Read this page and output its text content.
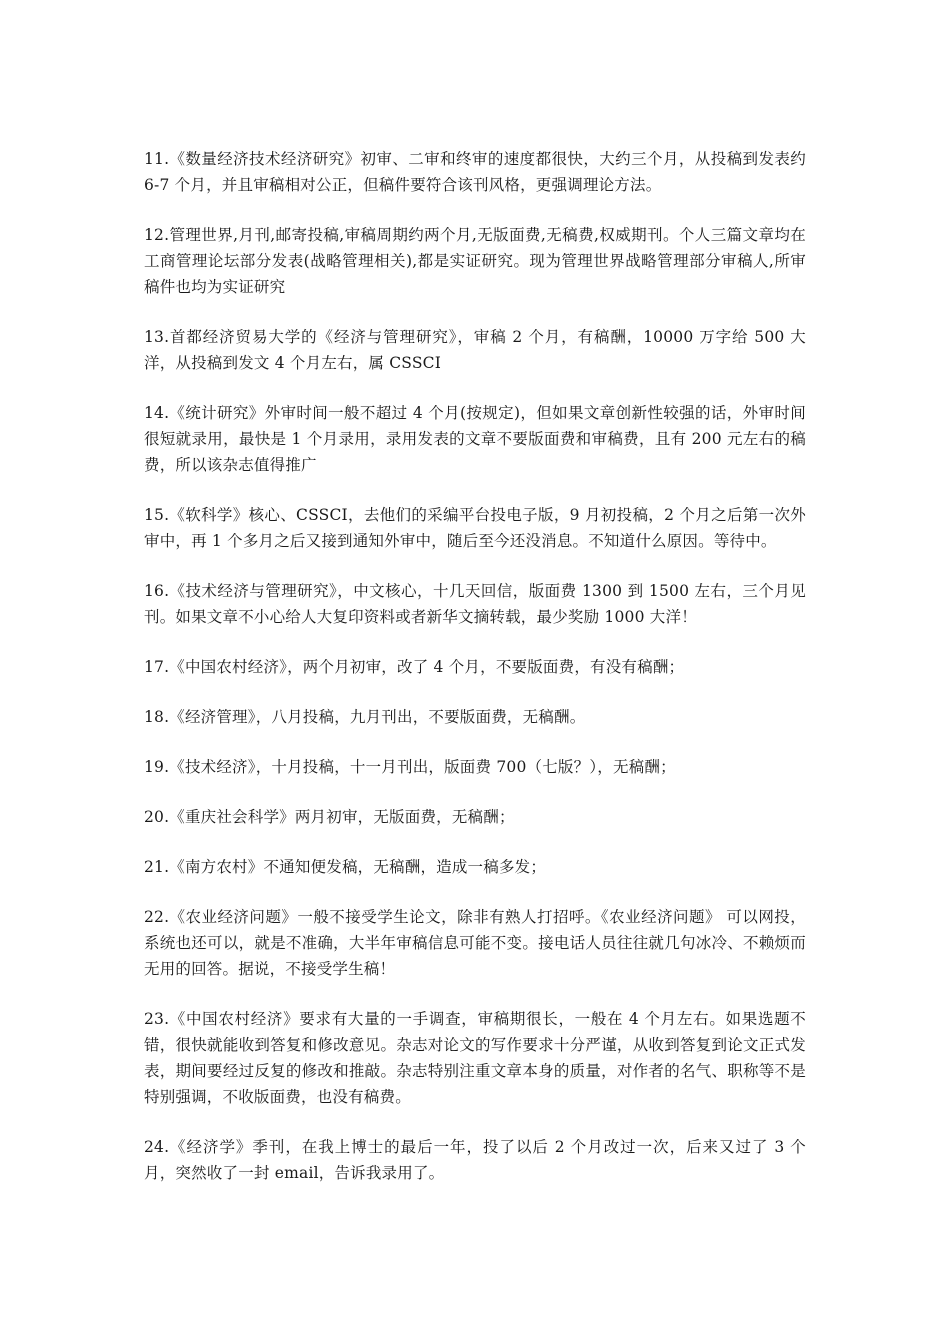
11.《数量经济技术经济研究》初审、二审和终审的速度都很快，大约三个月，从投稿到发表约 6-7 个月，并且审稿相对公正，但稿件要符合该刊风格，更强调理论方法。

12.管理世界,月刊,邮寄投稿,审稿周期约两个月,无版面费,无稿费,权威期刊。个人三篇文章均在工商管理论坛部分发表(战略管理相关),都是实证研究。现为管理世界战略管理部分审稿人,所审稿件也均为实证研究

13.首都经济贸易大学的《经济与管理研究》，审稿 2 个月，有稿酬，10000 万字给 500 大洋，从投稿到发文 4 个月左右，属 CSSCI

14.《统计研究》外审时间一般不超过 4 个月(按规定)，但如果文章创新性较强的话，外审时间很短就录用，最快是 1 个月录用，录用发表的文章不要版面费和审稿费，且有 200 元左右的稿费，所以该杂志值得推广

15.《软科学》核心、CSSCI，去他们的采编平台投电子版，9 月初投稿，2 个月之后第一次外审中，再 1 个多月之后又接到通知外审中，随后至今还没消息。不知道什么原因。等待中。

16.《技术经济与管理研究》，中文核心，十几天回信，版面费 1300 到 1500 左右，三个月见刊。如果文章不小心给人大复印资料或者新华文摘转载，最少奖励 1000 大洋！

17.《中国农村经济》，两个月初审，改了 4 个月，不要版面费，有没有稿酬；

18.《经济管理》，八月投稿，九月刊出，不要版面费，无稿酬。

19.《技术经济》，十月投稿，十一月刊出，版面费 700（七版？），无稿酬；

20.《重庆社会科学》两月初审，无版面费，无稿酬；

21.《南方农村》不通知便发稿，无稿酬，造成一稿多发；

22.《农业经济问题》一般不接受学生论文，除非有熟人打招呼。《农业经济问题》 可以网投，系统也还可以，就是不准确，大半年审稿信息可能不变。接电话人员往往就几句冰冷、不赖烦而无用的回答。据说，不接受学生稿！

23.《中国农村经济》要求有大量的一手调查，审稿期很长，一般在 4 个月左右。如果选题不错，很快就能收到答复和修改意见。杂志对论文的写作要求十分严谨，从收到答复到论文正式发表，期间要经过反复的修改和推敲。杂志特别注重文章本身的质量，对作者的名气、职称等不是特别强调，不收版面费，也没有稿费。

24.《经济学》季刊，在我上博士的最后一年，投了以后 2 个月改过一次，后来又过了 3 个月，突然收了一封 email，告诉我录用了。
